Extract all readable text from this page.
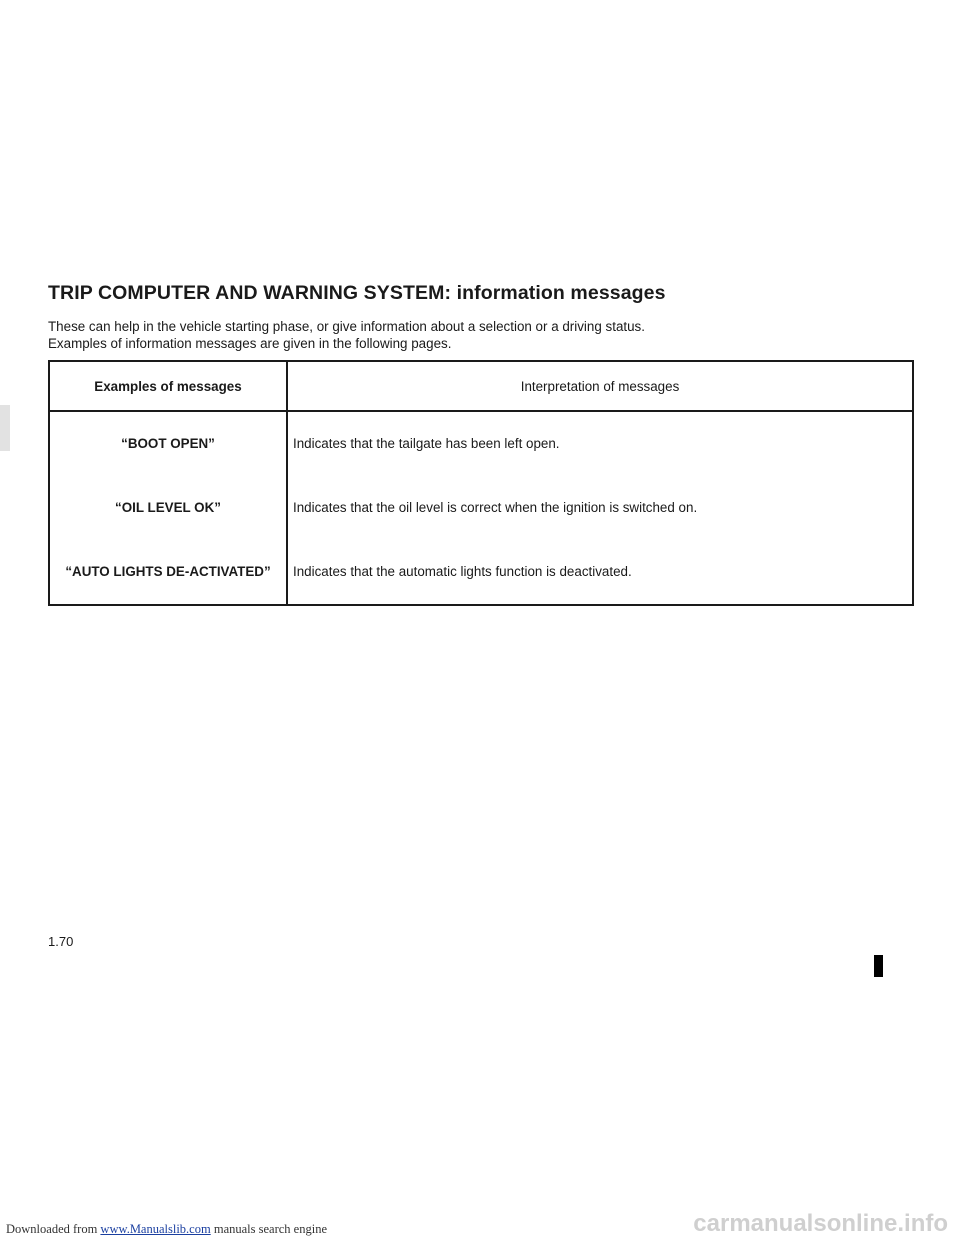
TRIP COMPUTER AND WARNING SYSTEM: information messages
These can help in the vehicle starting phase, or give information about a selection or a driving status.
Examples of information messages are given in the following pages.
Examples of messages	Interpretation of messages
“BOOT OPEN”	Indicates that the tailgate has been left open.
“OIL LEVEL OK”	Indicates that the oil level is correct when the ignition is switched on.
“AUTO LIGHTS DE-ACTIVATED”	Indicates that the automatic lights function is deactivated.
1.70
Downloaded from www.Manualslib.com manuals search engine	carmanualsonline.info
